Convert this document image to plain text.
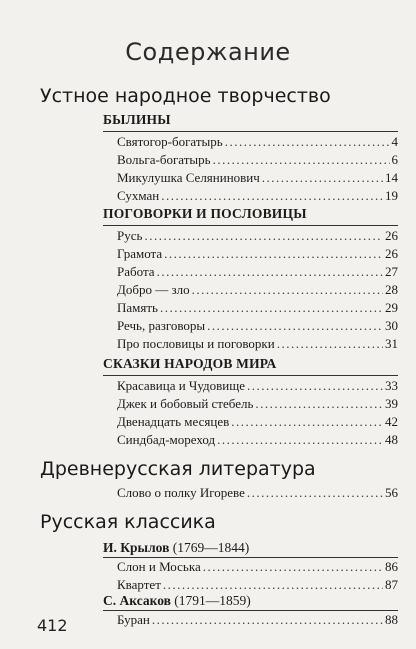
Содержание
Устное народное творчество
БЫЛИНЫ
Святогор-богатырь .....	4
Вольга-богатырь .....	6
Микулушка Селянинович .....	14
Сухман .....	19
ПОГОВОРКИ И ПОСЛОВИЦЫ
Русь .....	26
Грамота .....	26
Работа .....	27
Добро — зло .....	28
Память .....	29
Речь, разговоры .....	30
Про пословицы и поговорки .....	31
СКАЗКИ НАРОДОВ МИРА
Красавица и Чудовище .....	33
Джек и бобовый стебель .....	39
Двенадцать месяцев .....	42
Синдбад-мореход .....	48
Древнерусская литература
Слово о полку Игореве .....	56
Русская классика
И. Крылов (1769—1844)
Слон и Моська .....	86
Квартет .....	87
С. Аксаков (1791—1859)
Буран .....	88
412
